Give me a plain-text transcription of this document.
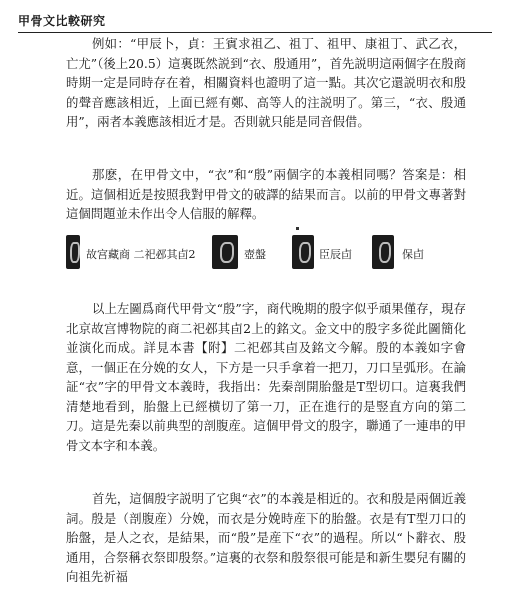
甲骨文比較研究

例如：“甲辰卜，貞：王賓求祖乙、祖丁、祖甲、康祖丁、武乙衣，亡尤”（後上20.5）這裏既然説到“衣、殷通用”，首先説明這兩個字在殷商時期一定是同時存在着，相關資料也證明了這一點。其次它還説明衣和殷的聲音應該相近，上面已經有鄭、高等人的注説明了。第三，“衣、殷通用”，兩者本義應該相近才是。否則就只能是同音假借。

那麽，在甲骨文中，“衣”和“殷”兩個字的本義相同嗎？答案是：相近。這個相近是按照我對甲骨文的破譯的結果而言。以前的甲骨文專著對這個問題並未作出令人信服的解釋。

故宫藏商 二祀邲其卣2	壺盤	臣辰卣	保卣

以上左圖爲商代甲骨文“殷”字，商代晚期的殷字似乎頑果僅存，現存北京故宫博物院的商二祀邲其卣2上的銘文。金文中的殷字多從此圖簡化並演化而成。詳見本書【附】二祀邲其卣及銘文今解。殷的本義如字會意，一個正在分娩的女人，下方是一只手拿着一把刀，刀口呈弧形。在論証“衣”字的甲骨文本義時，我指出：先秦剖開胎盤是T型切口。這裏我們清楚地看到，胎盤上已經横切了第一刀，正在進行的是竪直方向的第二刀。這是先秦以前典型的剖腹産。這個甲骨文的殷字，聯通了一連串的甲骨文本字和本義。

首先，這個殷字説明了它與“衣”的本義是相近的。衣和殷是兩個近義詞。殷是（剖腹産）分娩，而衣是分娩時産下的胎盤。衣是有T型刀口的胎盤，是人之衣，是結果，而“殷”是産下“衣”的過程。所以“卜辭衣、殷通用，合祭稱衣祭即殷祭。”這裏的衣祭和殷祭很可能是和新生嬰兒有關的向祖先祈福
